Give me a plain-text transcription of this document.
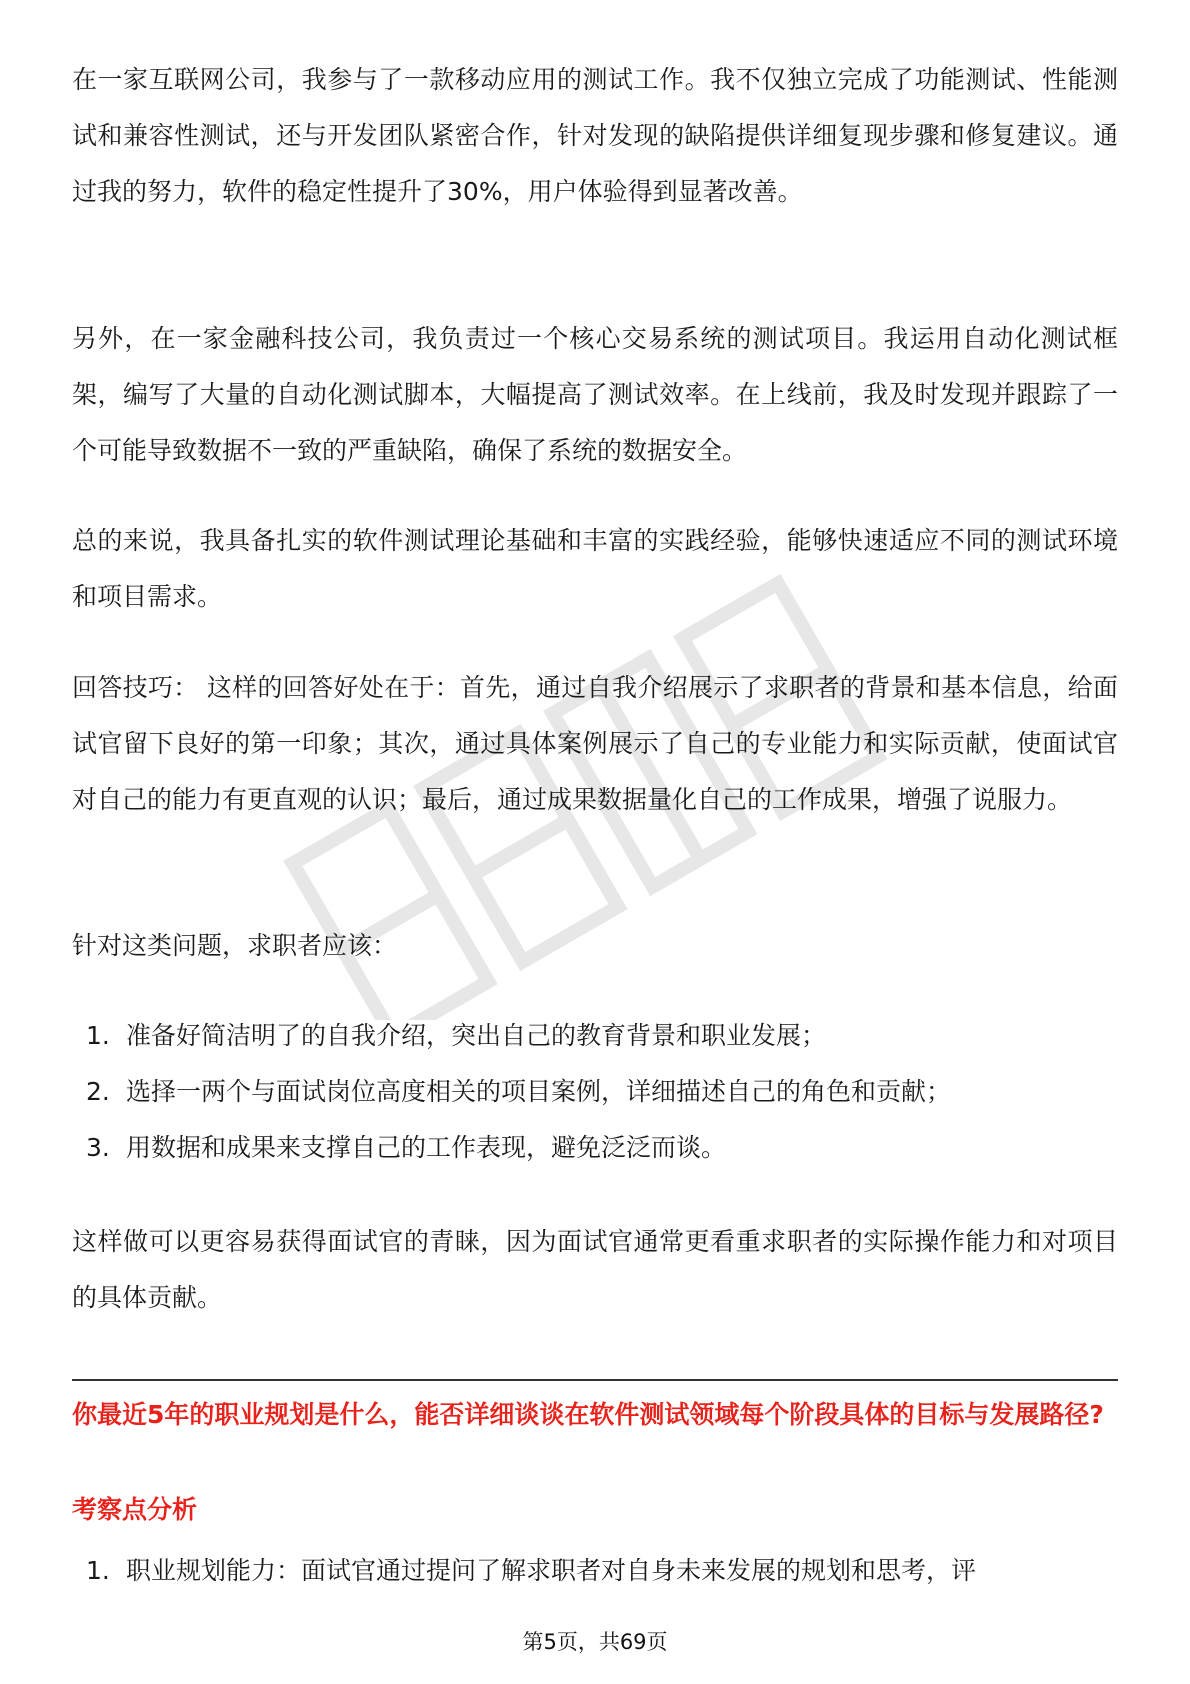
在一家互联网公司，我参与了一款移动应用的测试工作。我不仅独立完成了功能测试、性能测试和兼容性测试，还与开发团队紧密合作，针对发现的缺陷提供详细复现步骤和修复建议。通过我的努力，软件的稳定性提升了30%，用户体验得到显著改善。

另外，在一家金融科技公司，我负责过一个核心交易系统的测试项目。我运用自动化测试框架，编写了大量的自动化测试脚本，大幅提高了测试效率。在上线前，我及时发现并跟踪了一个可能导致数据不一致的严重缺陷，确保了系统的数据安全。

总的来说，我具备扎实的软件测试理论基础和丰富的实践经验，能够快速适应不同的测试环境和项目需求。

回答技巧： 这样的回答好处在于：首先，通过自我介绍展示了求职者的背景和基本信息，给面试官留下良好的第一印象；其次，通过具体案例展示了自己的专业能力和实际贡献，使面试官对自己的能力有更直观的认识；最后，通过成果数据量化自己的工作成果，增强了说服力。

针对这类问题，求职者应该：

1. 准备好简洁明了的自我介绍，突出自己的教育背景和职业发展；
2. 选择一两个与面试岗位高度相关的项目案例，详细描述自己的角色和贡献；
3. 用数据和成果来支撑自己的工作表现，避免泛泛而谈。

这样做可以更容易获得面试官的青睐，因为面试官通常更看重求职者的实际操作能力和对项目的具体贡献。

你最近5年的职业规划是什么，能否详细谈谈在软件测试领域每个阶段具体的目标与发展路径?

考察点分析

1. 职业规划能力：面试官通过提问了解求职者对自身未来发展的规划和思考，评
第5页，共69页
